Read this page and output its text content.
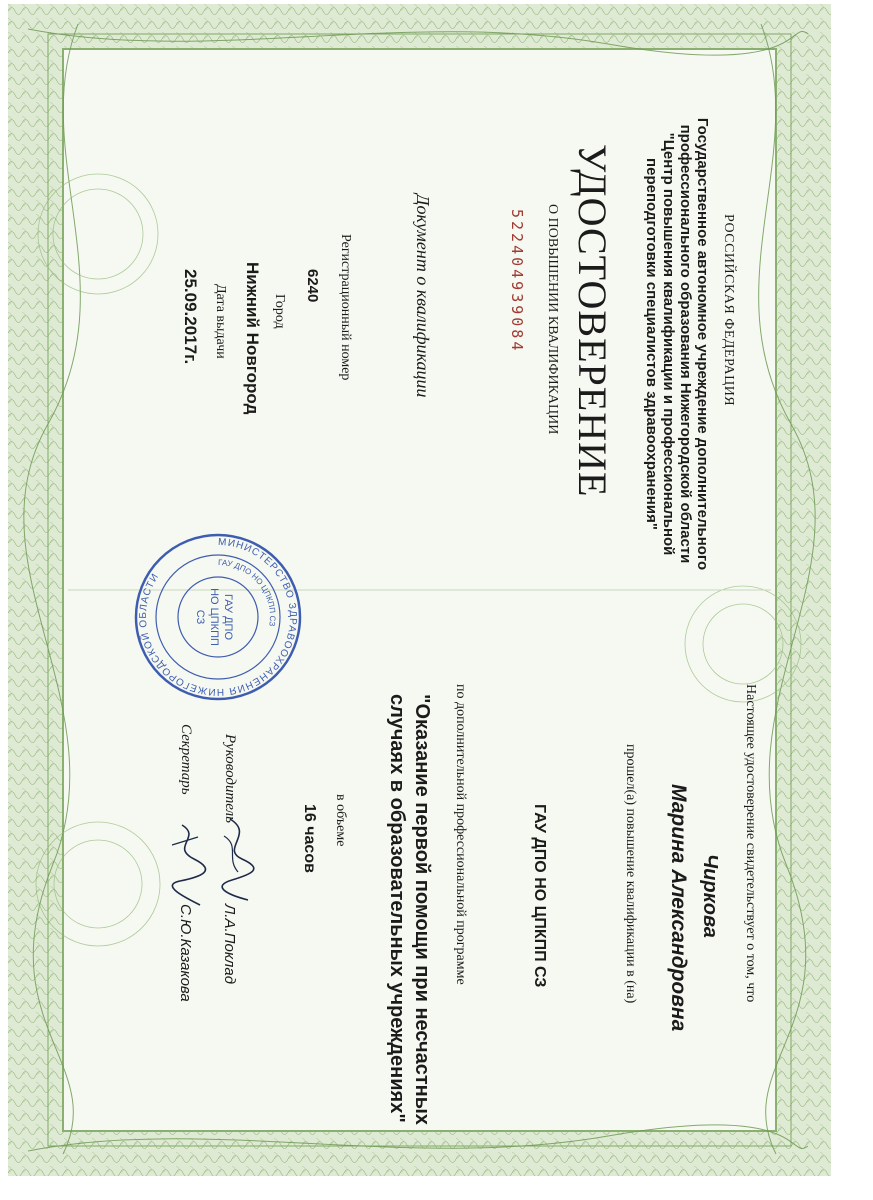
РОССИЙСКАЯ ФЕДЕРАЦИЯ
Государственное автономное учреждение дополнительного
профессионального образования Нижегородской области
"Центр повышения квалификации и профессиональной
переподготовки специалистов здравоохранения"
УДОСТОВЕРЕНИЕ
О ПОВЫШЕНИИ КВАЛИФИКАЦИИ
522404939084
Документ о квалификации
Регистрационный номер
6240
Город
Нижний Новгород
Дата выдачи
25.09.2017г.
Настоящее удостоверение свидетельствует о том, что
Чиркова
Марина Александровна
прошел(а) повышение квалификации в (на)
ГАУ ДПО НО ЦПКПП СЗ
по дополнительной профессиональной программе
"Оказание первой помощи при несчастных
случаях в образовательных учреждениях"
в объеме
16 часов
МИНИСТЕРСТВО ЗДРАВООХРАНЕНИЯ НИЖЕГОРОДСКОЙ ОБЛАСТИ
ГАУ ДПО НО ЦПКПП СЗ
ГАУ ДПО
НО ЦПКПП
СЗ
Руководитель
Л.А.Поклад
Секретарь
С.Ю.Казакова
